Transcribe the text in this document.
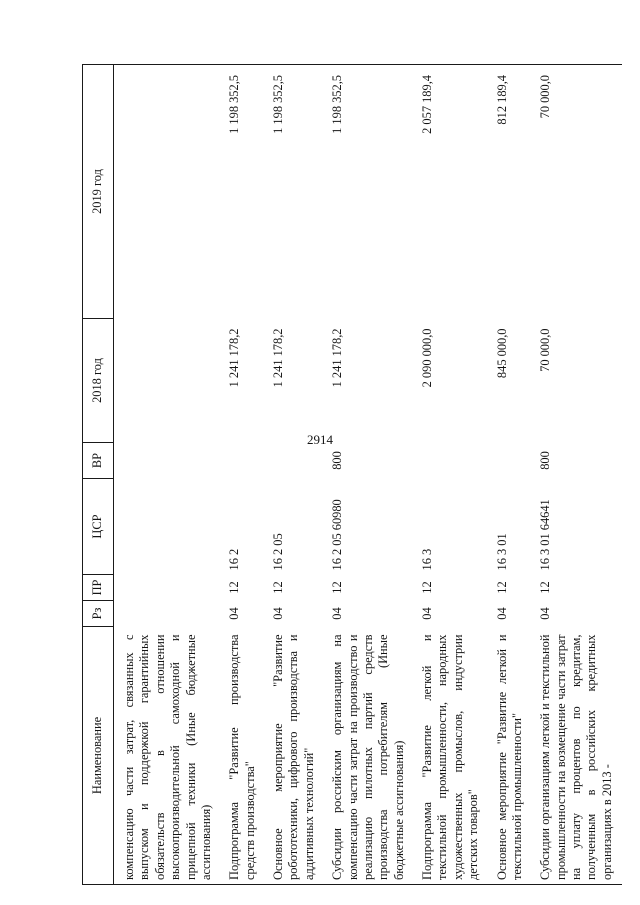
2914
Наименование	Рз	ПР	ЦСР	ВР	2018 год	2019 год
компенсацию части затрат, связанных с выпуском и поддержкой гарантийных обязательств в отношении высокопроизводительной самоходной и прицепной техники (Иные бюджетные ассигнования)						
Подпрограмма "Развитие производства средств производства"	04	12	16 2		1 241 178,2	1 198 352,5
Основное мероприятие "Развитие робототехники, цифрового производства и аддитивных технологий"	04	12	16 2 05		1 241 178,2	1 198 352,5
Субсидии российским организациям на компенсацию части затрат на производство и реализацию пилотных партий средств производства потребителям (Иные бюджетные ассигнования)	04	12	16 2 05 60980	800	1 241 178,2	1 198 352,5
Подпрограмма "Развитие легкой и текстильной промышленности, народных художественных промыслов, индустрии детских товаров"	04	12	16 3		2 090 000,0	2 057 189,4
Основное мероприятие "Развитие легкой и текстильной промышленности"	04	12	16 3 01		845 000,0	812 189,4
Субсидии организациям легкой и текстильной промышленности на возмещение части затрат на уплату процентов по кредитам, полученным в российских кредитных организациях в 2013 -	04	12	16 3 01 64641	800	70 000,0	70 000,0
